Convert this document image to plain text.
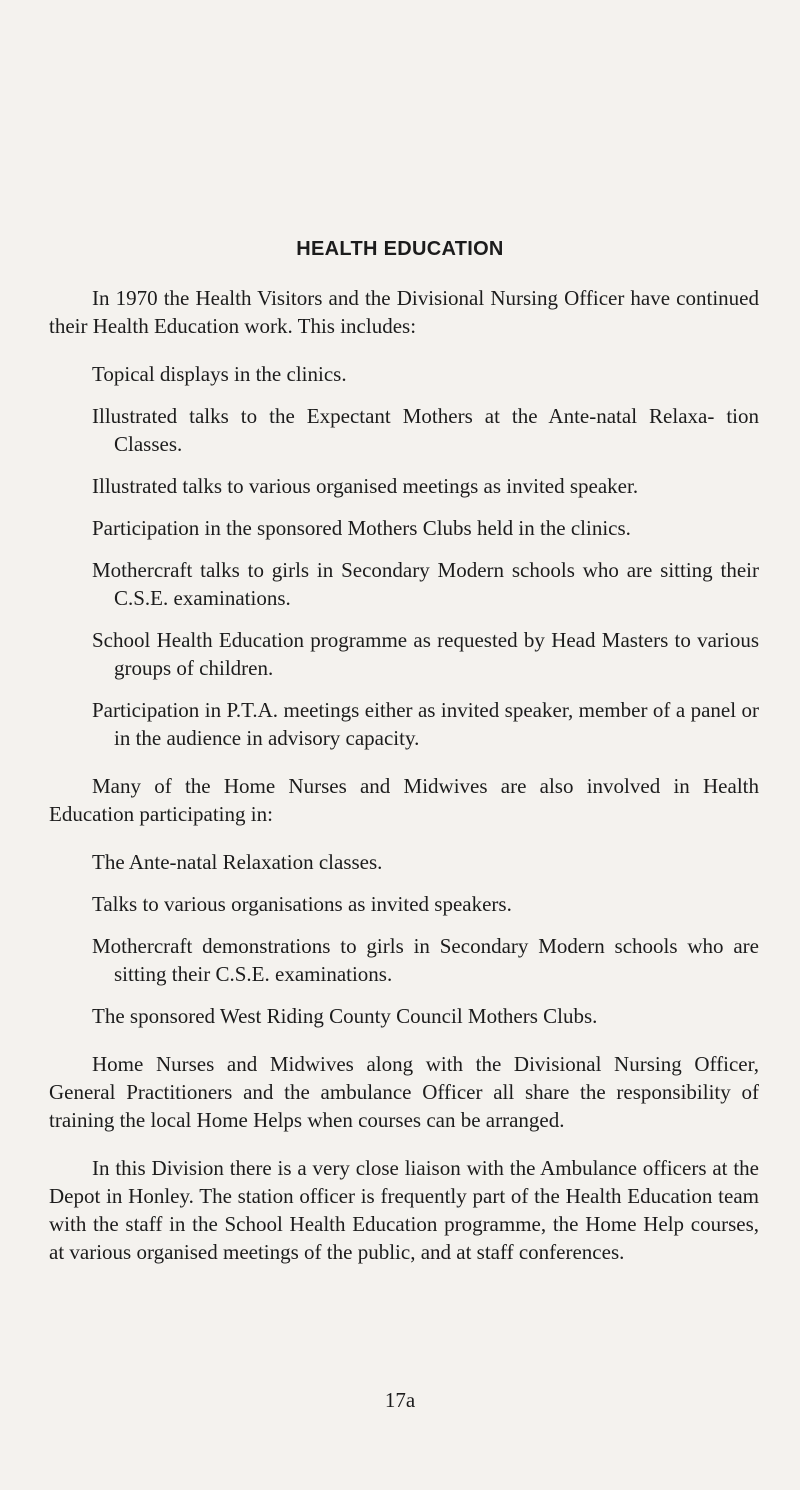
HEALTH EDUCATION

In 1970 the Health Visitors and the Divisional Nursing Officer have continued their Health Education work. This includes:

Topical displays in the clinics.
Illustrated talks to the Expectant Mothers at the Ante-natal Relaxa- tion Classes.
Illustrated talks to various organised meetings as invited speaker.
Participation in the sponsored Mothers Clubs held in the clinics.
Mothercraft talks to girls in Secondary Modern schools who are sitting their C.S.E. examinations.
School Health Education programme as requested by Head Masters to various groups of children.
Participation in P.T.A. meetings either as invited speaker, member of a panel or in the audience in advisory capacity.

Many of the Home Nurses and Midwives are also involved in Health Education participating in:

The Ante-natal Relaxation classes.
Talks to various organisations as invited speakers.
Mothercraft demonstrations to girls in Secondary Modern schools who are sitting their C.S.E. examinations.
The sponsored West Riding County Council Mothers Clubs.

Home Nurses and Midwives along with the Divisional Nursing Officer, General Practitioners and the ambulance Officer all share the responsibility of training the local Home Helps when courses can be arranged.

In this Division there is a very close liaison with the Ambulance officers at the Depot in Honley. The station officer is frequently part of the Health Education team with the staff in the School Health Education programme, the Home Help courses, at various organised meetings of the public, and at staff conferences.

17a
